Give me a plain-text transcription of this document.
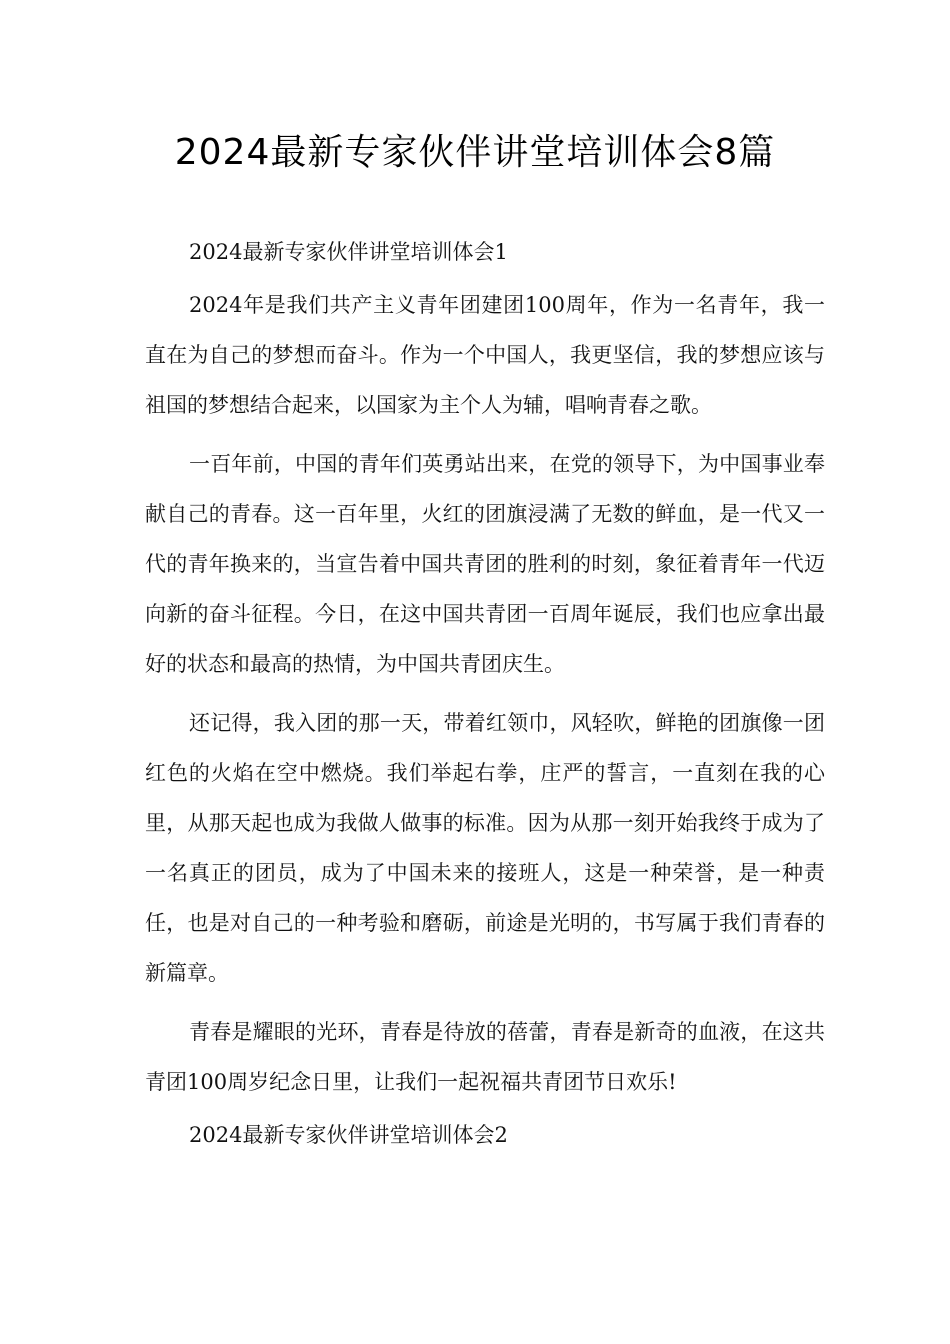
2024最新专家伙伴讲堂培训体会8篇
2024最新专家伙伴讲堂培训体会1

2024年是我们共产主义青年团建团100周年，作为一名青年，我一直在为自己的梦想而奋斗。作为一个中国人，我更坚信，我的梦想应该与祖国的梦想结合起来，以国家为主个人为辅，唱响青春之歌。

一百年前，中国的青年们英勇站出来，在党的领导下，为中国事业奉献自己的青春。这一百年里，火红的团旗浸满了无数的鲜血，是一代又一代的青年换来的，当宣告着中国共青团的胜利的时刻，象征着青年一代迈向新的奋斗征程。今日，在这中国共青团一百周年诞辰，我们也应拿出最好的状态和最高的热情，为中国共青团庆生。

还记得，我入团的那一天，带着红领巾，风轻吹，鲜艳的团旗像一团红色的火焰在空中燃烧。我们举起右拳，庄严的誓言，一直刻在我的心里，从那天起也成为我做人做事的标准。因为从那一刻开始我终于成为了一名真正的团员，成为了中国未来的接班人，这是一种荣誉，是一种责任，也是对自己的一种考验和磨砺，前途是光明的，书写属于我们青春的新篇章。

青春是耀眼的光环，青春是待放的蓓蕾，青春是新奇的血液，在这共青团100周岁纪念日里，让我们一起祝福共青团节日欢乐!

2024最新专家伙伴讲堂培训体会2
